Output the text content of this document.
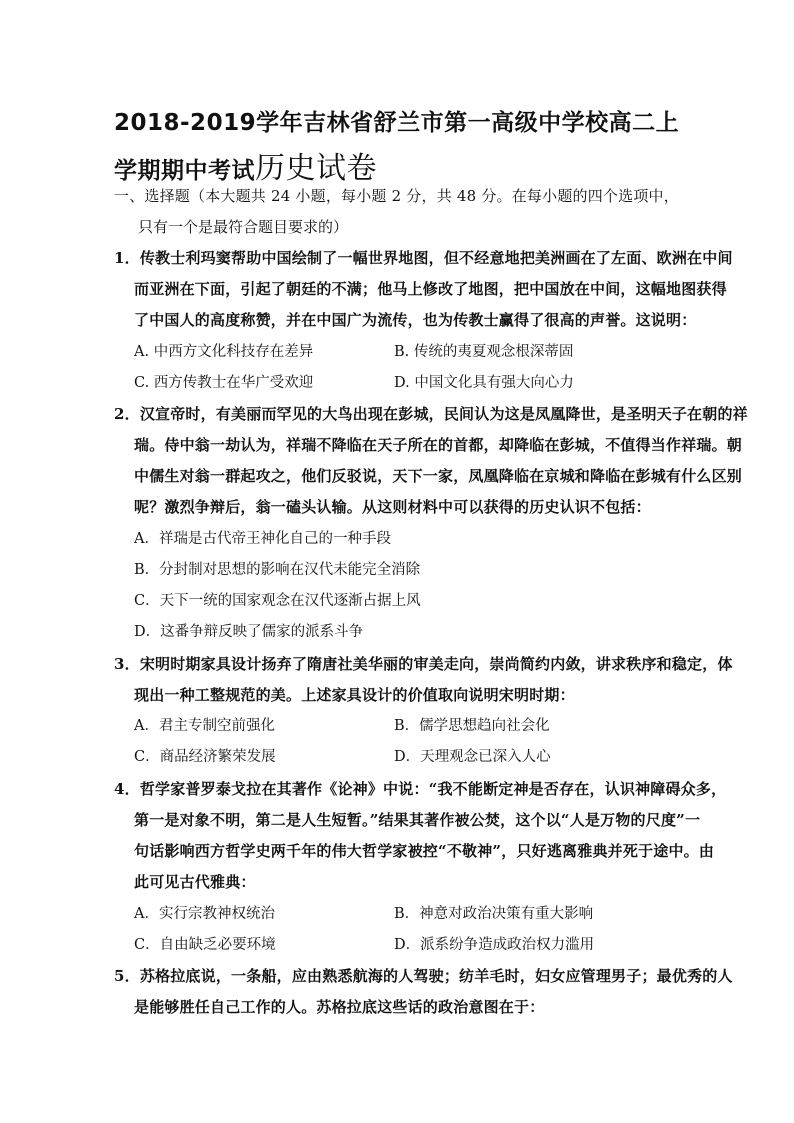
2018-2019学年吉林省舒兰市第一高级中学校高二上
学期期中考试历史试卷
一、选择题（本大题共 24 小题，每小题 2 分，共 48 分。在每小题的四个选项中，
只有一个是最符合题目要求的）
1．传教士利玛窦帮助中国绘制了一幅世界地图，但不经意地把美洲画在了左面、欧洲在中间
而亚洲在下面，引起了朝廷的不满；他马上修改了地图，把中国放在中间，这幅地图获得
了中国人的高度称赞，并在中国广为流传，也为传教士赢得了很高的声誉。这说明：
A. 中西方文化科技存在差异	B. 传统的夷夏观念根深蒂固
C. 西方传教士在华广受欢迎	D. 中国文化具有强大向心力
2．汉宣帝时，有美丽而罕见的大鸟出现在彭城，民间认为这是凤凰降世，是圣明天子在朝的祥
瑞。侍中翁一劫认为，祥瑞不降临在天子所在的首都，却降临在彭城，不值得当作祥瑞。朝
中儒生对翁一群起攻之，他们反驳说，天下一家，凤凰降临在京城和降临在彭城有什么区别
呢？激烈争辩后，翁一磕头认输。从这则材料中可以获得的历史认识不包括：
A．祥瑞是古代帝王神化自己的一种手段
B．分封制对思想的影响在汉代未能完全消除
C．天下一统的国家观念在汉代逐渐占据上风
D．这番争辩反映了儒家的派系斗争
3．宋明时期家具设计扬弃了隋唐社美华丽的审美走向，崇尚简约内敛，讲求秩序和稳定，体
现出一种工整规范的美。上述家具设计的价值取向说明宋明时期：
A．君主专制空前强化	B．儒学思想趋向社会化
C．商品经济繁荣发展	D．天理观念已深入人心
4．哲学家普罗泰戈拉在其著作《论神》中说：“我不能断定神是否存在，认识神障碍众多，
第一是对象不明，第二是人生短暂。”结果其著作被公焚，这个以“人是万物的尺度”一
句话影响西方哲学史两千年的伟大哲学家被控“不敬神”，只好逃离雅典并死于途中。由
此可见古代雅典：
A．实行宗教神权统治	B．神意对政治决策有重大影响
C．自由缺乏必要环境	D．派系纷争造成政治权力滥用
5．苏格拉底说，一条船，应由熟悉航海的人驾驶；纺羊毛时，妇女应管理男子；最优秀的人
是能够胜任自己工作的人。苏格拉底这些话的政治意图在于：
